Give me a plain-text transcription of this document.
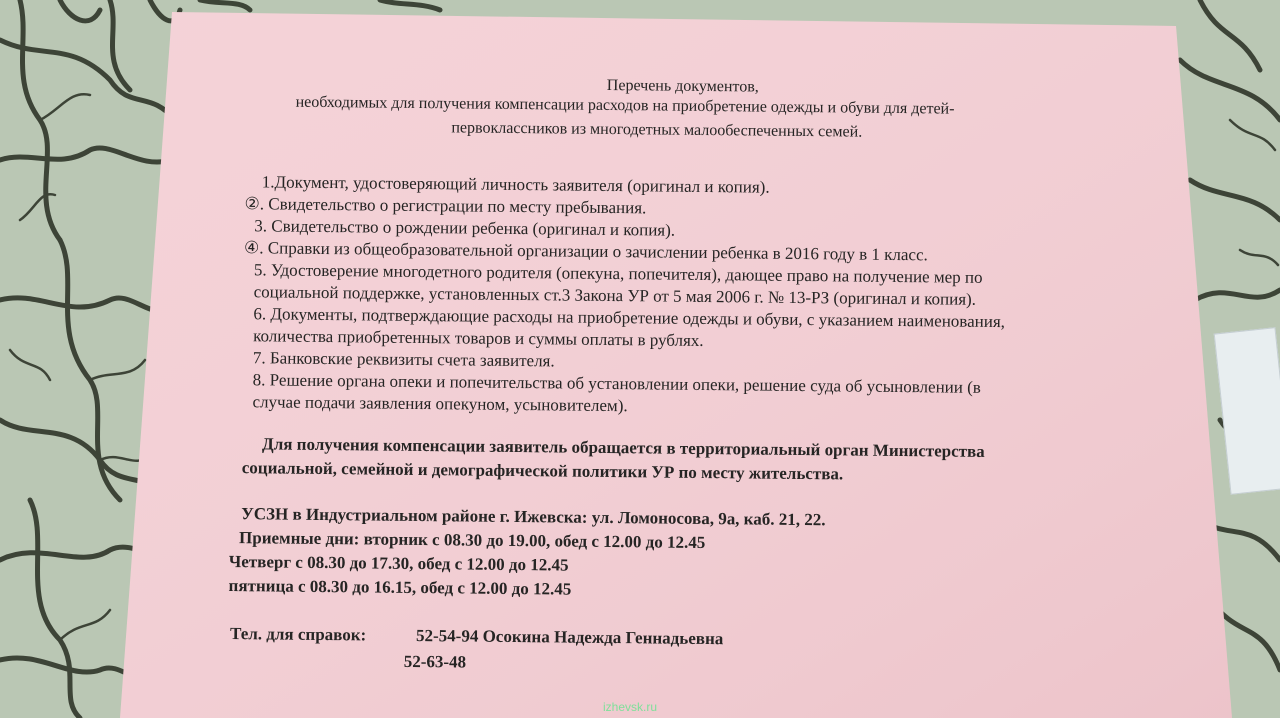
Перечень документов,
необходимых для получения компенсации расходов на приобретение одежды и обуви для детей-
первоклассников из многодетных малообеспеченных семей.
1.Документ, удостоверяющий личность заявителя (оригинал и копия).
②. Свидетельство о регистрации по месту пребывания.
3. Свидетельство о рождении ребенка (оригинал и копия).
④. Справки из общеобразовательной организации о зачислении ребенка в 2016 году в 1 класс.
5. Удостоверение многодетного родителя (опекуна, попечителя), дающее право на получение мер по
социальной поддержке, установленных ст.3 Закона УР от 5 мая 2006 г. № 13-РЗ (оригинал и копия).
6. Документы, подтверждающие расходы на приобретение одежды и обуви, с указанием наименования,
количества приобретенных товаров и суммы оплаты в рублях.
7. Банковские реквизиты счета заявителя.
8. Решение органа опеки и попечительства об установлении опеки, решение суда об усыновлении (в
случае подачи заявления опекуном, усыновителем).
Для получения компенсации заявитель обращается в территориальный орган Министерства
социальной, семейной и демографической политики УР по месту жительства.
УСЗН в Индустриальном районе г. Ижевска: ул. Ломоносова, 9а, каб. 21, 22.
Приемные дни: вторник с 08.30 до 19.00, обед с 12.00 до 12.45
Четверг с 08.30 до 17.30, обед с 12.00 до 12.45
пятница с 08.30 до 16.15, обед с 12.00 до 12.45
Тел. для справок:	52-54-94 Осокина Надежда Геннадьевна
52-63-48
izhevsk.ru
